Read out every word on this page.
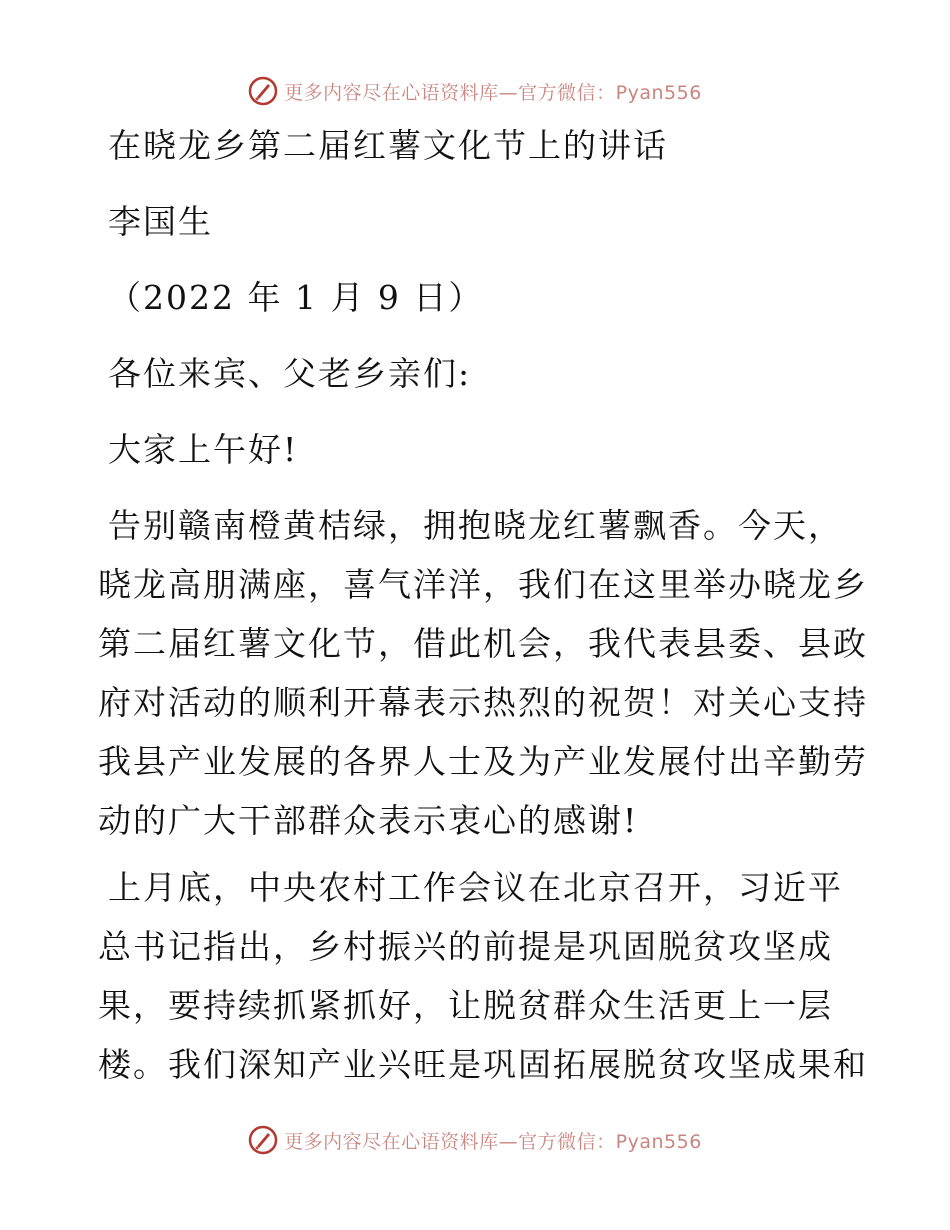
更多内容尽在心语资料库—官方微信：Pyan556

在晓龙乡第二届红薯文化节上的讲话

李国生

（2022 年 1 月 9 日）

各位来宾、父老乡亲们:

大家上午好!

告别赣南橙黄桔绿，拥抱晓龙红薯飘香。今天，

晓龙高朋满座，喜气洋洋，我们在这里举办晓龙乡

第二届红薯文化节，借此机会，我代表县委、县政

府对活动的顺利开幕表示热烈的祝贺！对关心支持

我县产业发展的各界人士及为产业发展付出辛勤劳

动的广大干部群众表示衷心的感谢!

上月底，中央农村工作会议在北京召开，习近平

总书记指出，乡村振兴的前提是巩固脱贫攻坚成

果，要持续抓紧抓好，让脱贫群众生活更上一层

楼。我们深知产业兴旺是巩固拓展脱贫攻坚成果和

更多内容尽在心语资料库—官方微信：Pyan556
